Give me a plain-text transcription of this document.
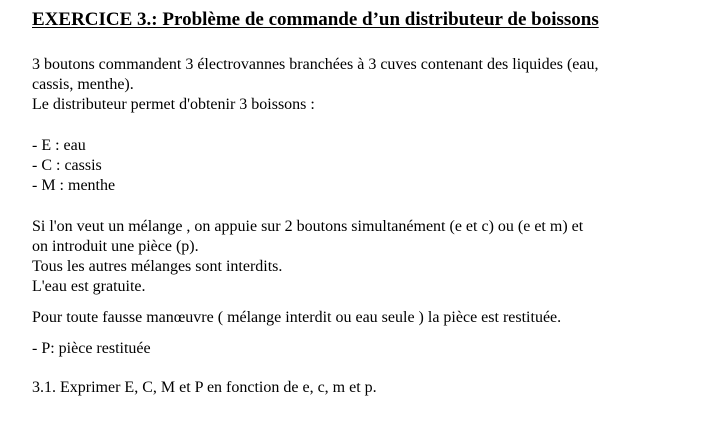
EXERCICE 3.: Problème de commande d’un distributeur de boissons

3 boutons commandent 3 électrovannes branchées à 3 cuves contenant des liquides (eau,

cassis, menthe).

Le distributeur permet d'obtenir 3 boissons :

- E : eau

- C : cassis

- M : menthe

Si l'on veut un mélange , on appuie sur 2 boutons simultanément (e et c) ou (e et m) et

on introduit une pièce (p).

Tous les autres mélanges sont interdits.

L'eau est gratuite.

Pour toute fausse manœuvre ( mélange interdit ou eau seule ) la pièce est restituée.

- P: pièce restituée

3.1. Exprimer E, C, M et P en fonction de e, c, m et p.
